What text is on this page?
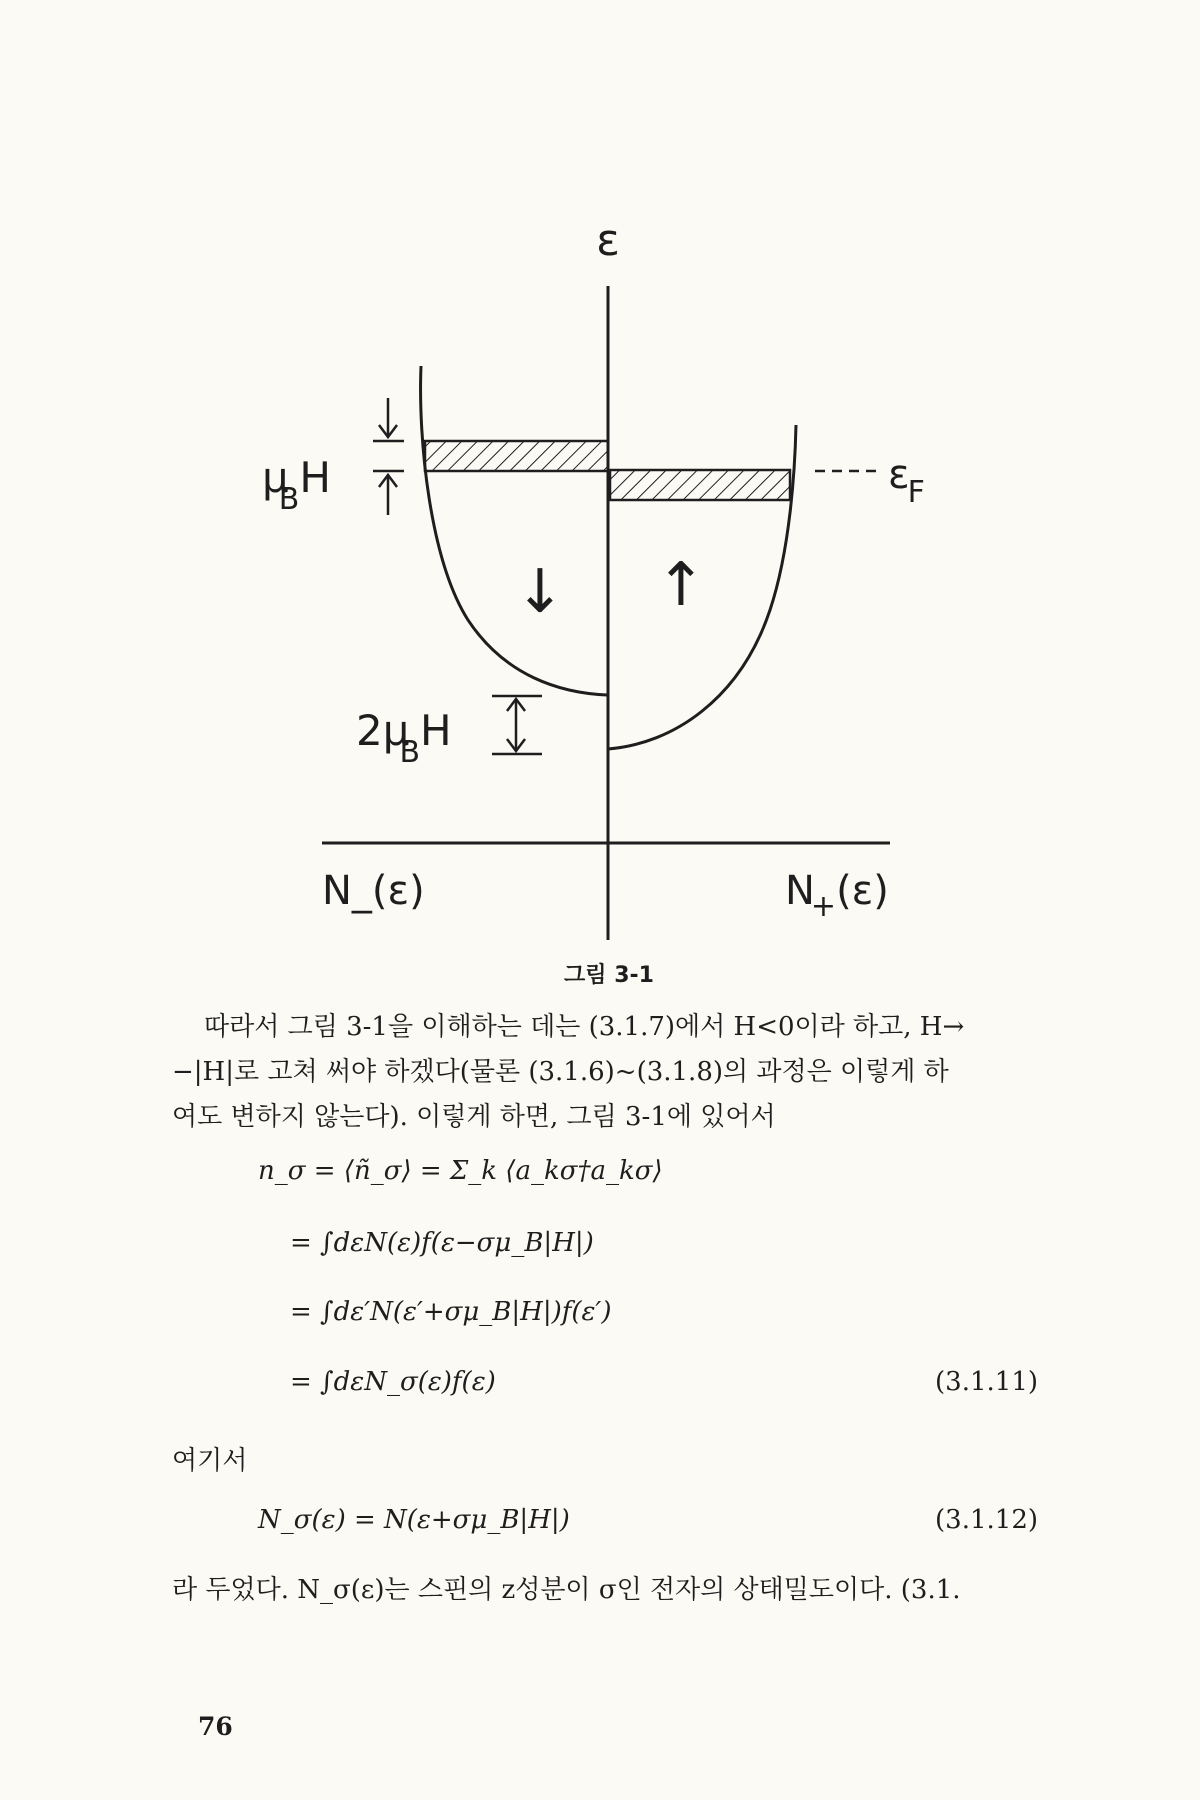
↓ ↑
ε
εF
μBH
2μBH
N_(ε)	N+(ε)
그림 3-1
따라서 그림 3-1을 이해하는 데는 (3.1.7)에서 H<0이라 하고, H→
−|H|로 고쳐 써야 하겠다(물론 (3.1.6)~(3.1.8)의 과정은 이렇게 하
여도 변하지 않는다). 이렇게 하면, 그림 3-1에 있어서
n_σ = ⟨ñ_σ⟩ = Σ_k ⟨a_kσ†a_kσ⟩
= ∫dεN(ε)f(ε−σμ_B|H|)
= ∫dε′N(ε′+σμ_B|H|)f(ε′)
= ∫dεN_σ(ε)f(ε)	(3.1.11)
여기서
N_σ(ε) = N(ε+σμ_B|H|)	(3.1.12)
라 두었다. N_σ(ε)는 스핀의 z성분이 σ인 전자의 상태밀도이다. (3.1.
76
